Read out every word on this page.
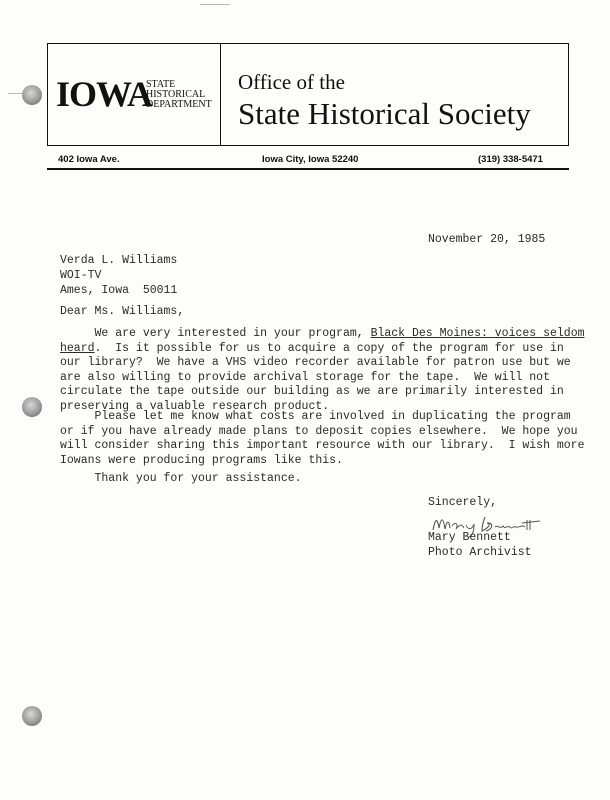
IOWA
STATE
HISTORICAL
DEPARTMENT
Office of the
State Historical Society
402 Iowa Ave.	Iowa City, Iowa 52240	(319) 338-5471
November 20, 1985
Verda L. Williams
WOI-TV
Ames, Iowa  50011
Dear Ms. Williams,
We are very interested in your program, Black Des Moines: voices seldom
heard.  Is it possible for us to acquire a copy of the program for use in
our library?  We have a VHS video recorder available for patron use but we
are also willing to provide archival storage for the tape.  We will not
circulate the tape outside our building as we are primarily interested in
preserving a valuable research product.
Please let me know what costs are involved in duplicating the program
or if you have already made plans to deposit copies elsewhere.  We hope you
will consider sharing this important resource with our library.  I wish more
Iowans were producing programs like this.
Thank you for your assistance.
Sincerely,
Mary Bennett
Photo Archivist
